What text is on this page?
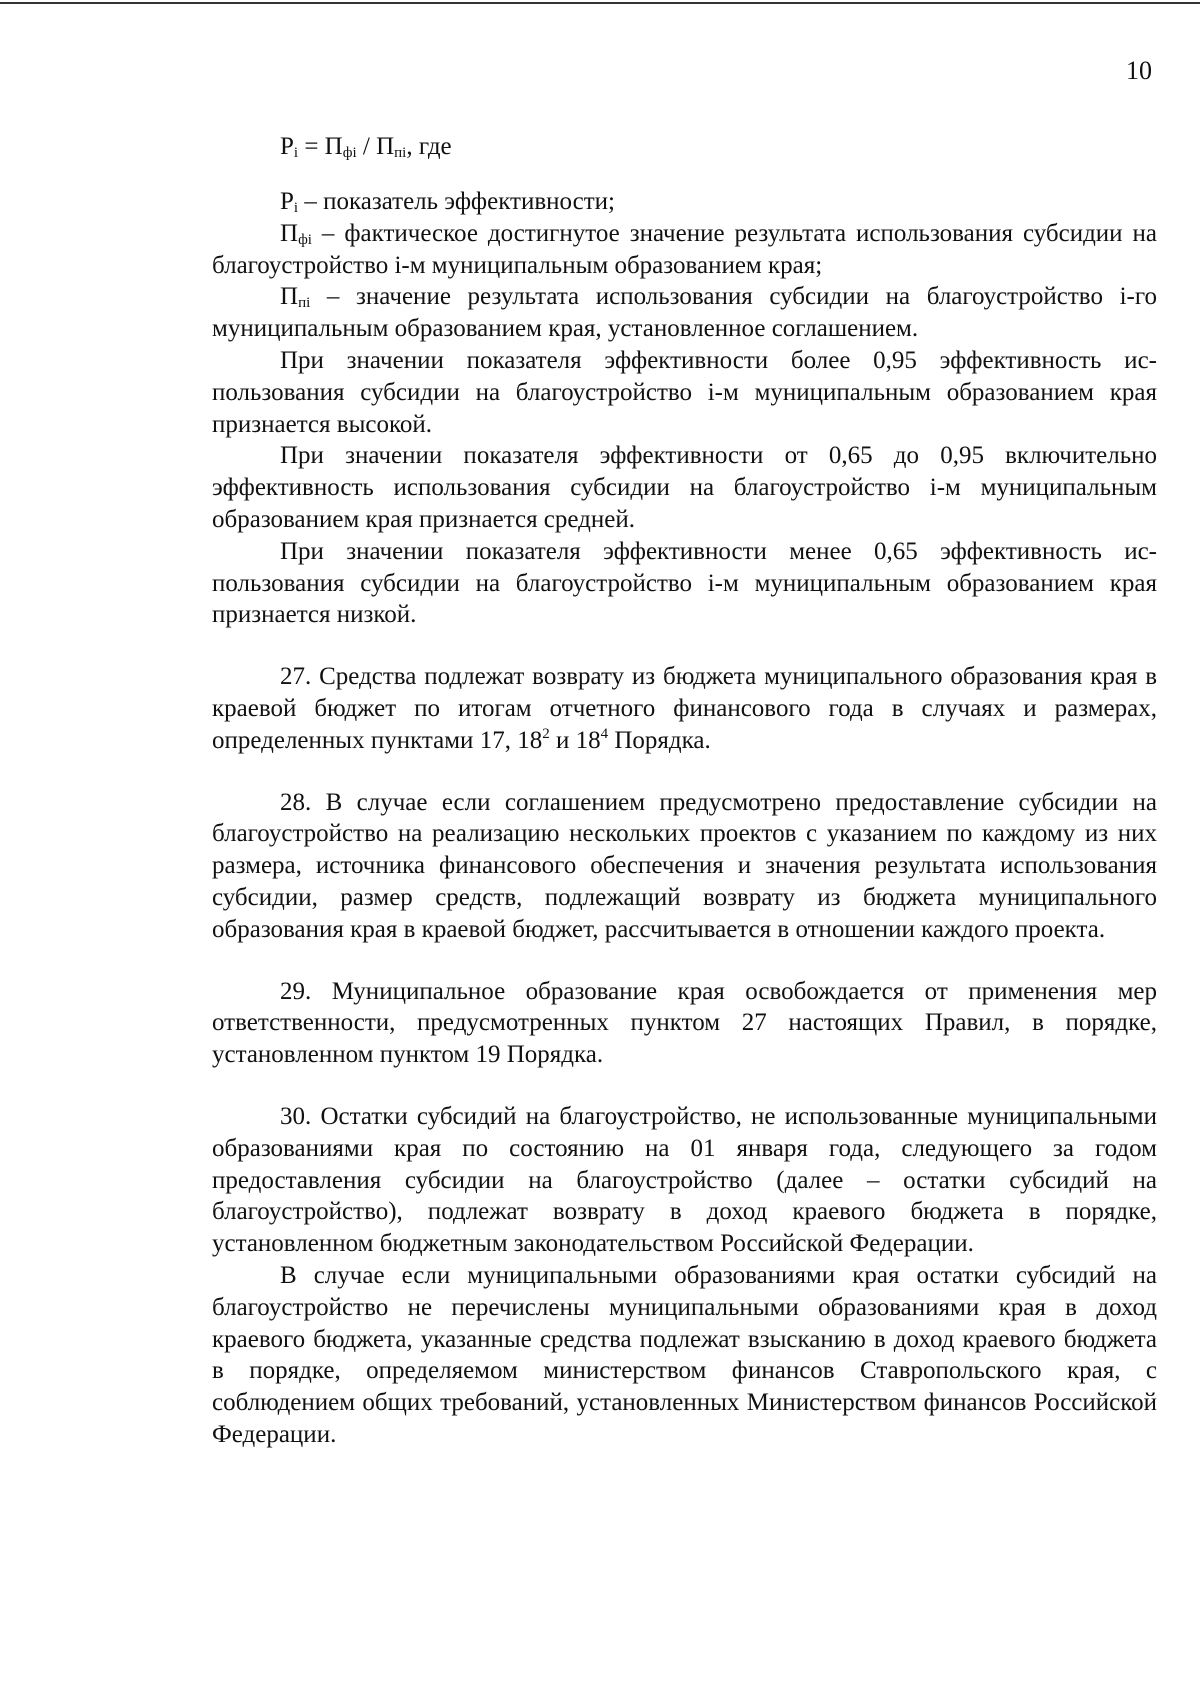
10
$P_i = П_{фi} / П_{пi}$, где

$P_i$ – показатель эффективности;

$П_{фi}$ – фактическое достигнутое значение результата использования субсидии на благоустройство i-м муниципальным образованием края;

$П_{пi}$ – значение результата использования субсидии на благоустройство i-го муниципальным образованием края, установленное соглашением.

При значении показателя эффективности более 0,95 эффективность использования субсидии на благоустройство i-м муниципальным образованием края признается высокой.

При значении показателя эффективности от 0,65 до 0,95 включительно эффективность использования субсидии на благоустройство i-м муниципальным образованием края признается средней.

При значении показателя эффективности менее 0,65 эффективность использования субсидии на благоустройство i-м муниципальным образованием края признается низкой.

27. Средства подлежат возврату из бюджета муниципального образования края в краевой бюджет по итогам отчетного финансового года в случаях и размерах, определенных пунктами 17, $18^2$ и $18^4$ Порядка.

28. В случае если соглашением предусмотрено предоставление субсидии на благоустройство на реализацию нескольких проектов с указанием по каждому из них размера, источника финансового обеспечения и значения результата использования субсидии, размер средств, подлежащий возврату из бюджета муниципального образования края в краевой бюджет, рассчитывается в отношении каждого проекта.

29. Муниципальное образование края освобождается от применения мер ответственности, предусмотренных пунктом 27 настоящих Правил, в порядке, установленном пунктом 19 Порядка.

30. Остатки субсидий на благоустройство, не использованные муниципальными образованиями края по состоянию на 01 января года, следующего за годом предоставления субсидии на благоустройство (далее – остатки субсидий на благоустройство), подлежат возврату в доход краевого бюджета в порядке, установленном бюджетным законодательством Российской Федерации.

В случае если муниципальными образованиями края остатки субсидий на благоустройство не перечислены муниципальными образованиями края в доход краевого бюджета, указанные средства подлежат взысканию в доход краевого бюджета в порядке, определяемом министерством финансов Ставропольского края, с соблюдением общих требований, установленных Министерством финансов Российской Федерации.
